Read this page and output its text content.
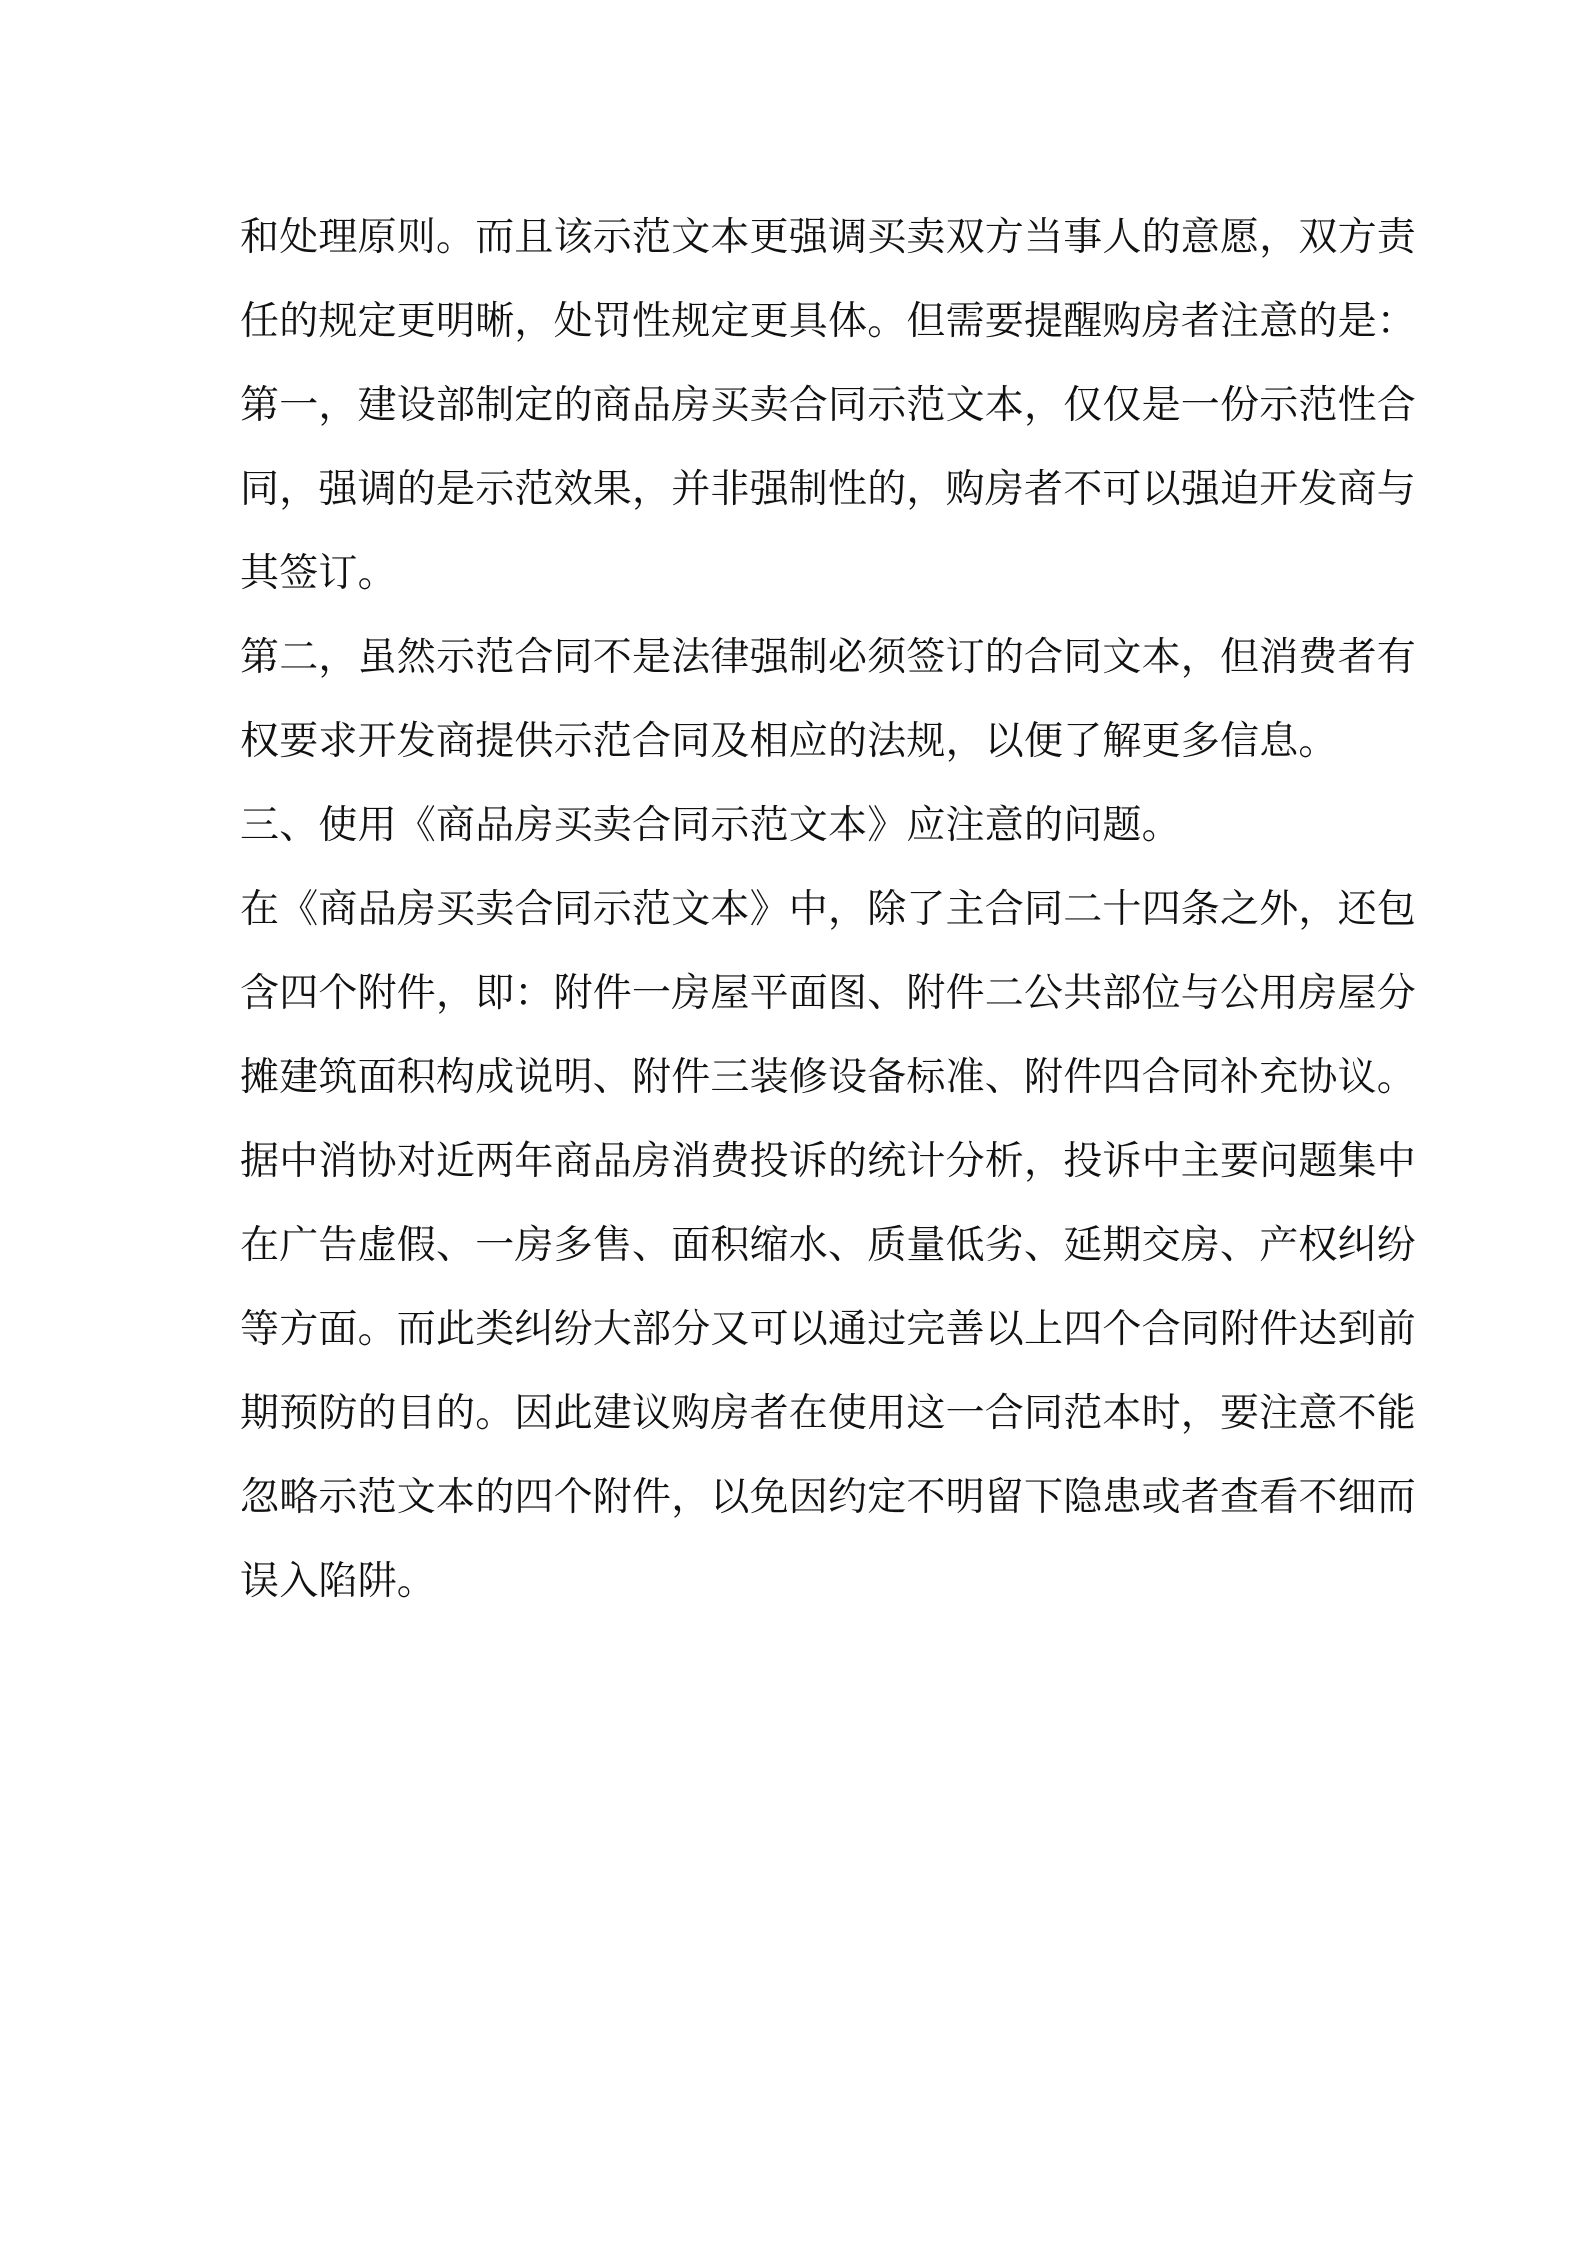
和处理原则。而且该示范文本更强调买卖双方当事人的意愿，双方责
任的规定更明晰，处罚性规定更具体。但需要提醒购房者注意的是：
第一，建设部制定的商品房买卖合同示范文本，仅仅是一份示范性合
同，强调的是示范效果，并非强制性的，购房者不可以强迫开发商与
其签订。
第二，虽然示范合同不是法律强制必须签订的合同文本，但消费者有
权要求开发商提供示范合同及相应的法规，以便了解更多信息。
三、使用《商品房买卖合同示范文本》应注意的问题。
在《商品房买卖合同示范文本》中，除了主合同二十四条之外，还包
含四个附件，即：附件一房屋平面图、附件二公共部位与公用房屋分
摊建筑面积构成说明、附件三装修设备标准、附件四合同补充协议。
据中消协对近两年商品房消费投诉的统计分析，投诉中主要问题集中
在广告虚假、一房多售、面积缩水、质量低劣、延期交房、产权纠纷
等方面。而此类纠纷大部分又可以通过完善以上四个合同附件达到前
期预防的目的。因此建议购房者在使用这一合同范本时，要注意不能
忽略示范文本的四个附件，以免因约定不明留下隐患或者查看不细而
误入陷阱。
